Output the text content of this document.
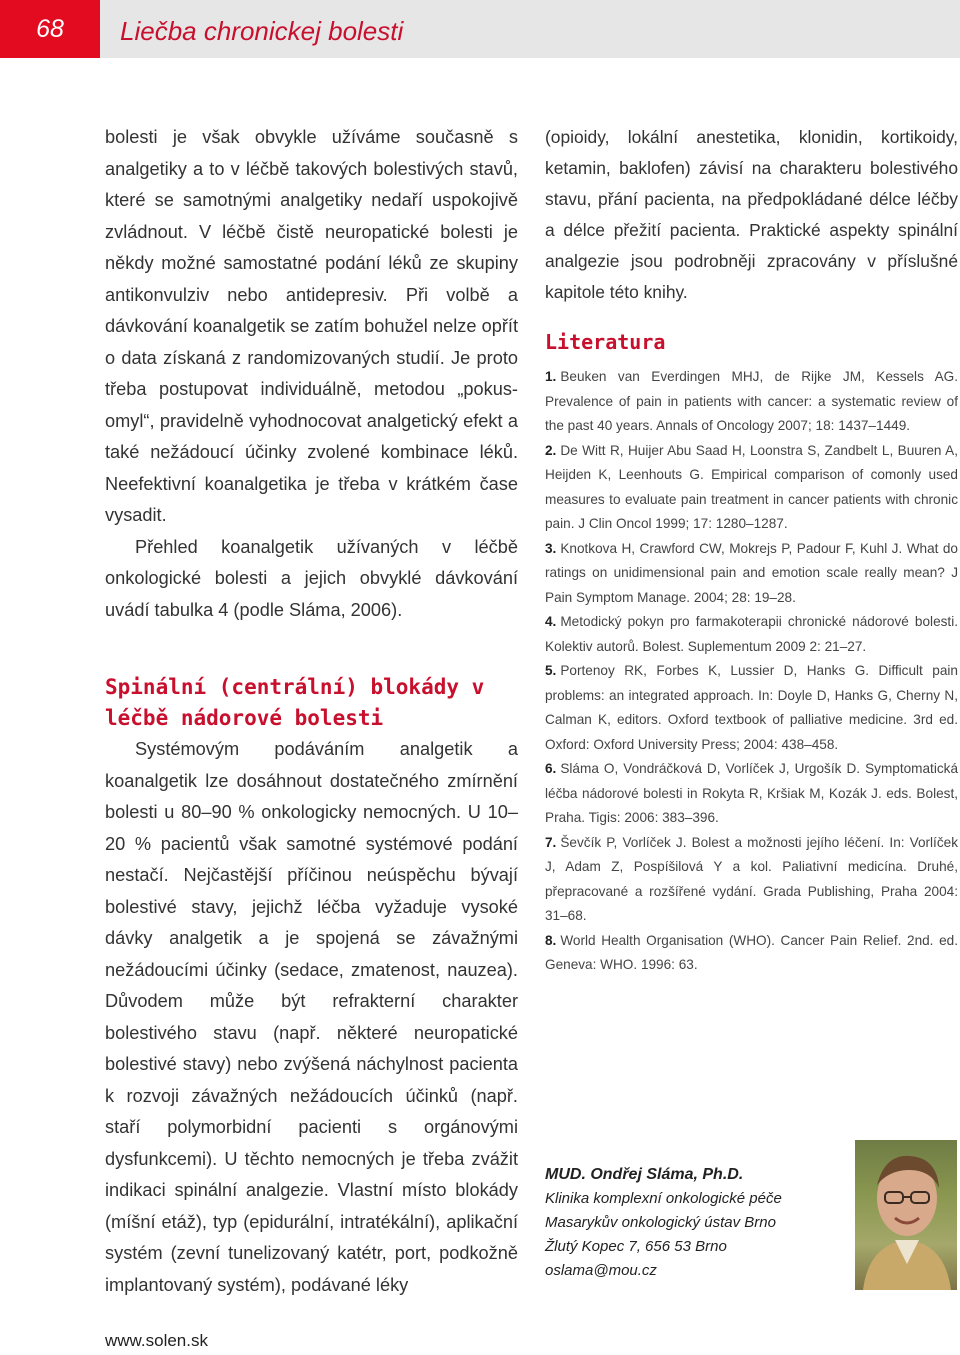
68	Liečba chronickej bolesti

bolesti je však obvykle užíváme současně s analgetiky a to v léčbě takových bolestivých stavů, které se samotnými analgetiky nedaří uspokojivě zvládnout. V léčbě čistě neuropatické bolesti je někdy možné samostatné podání léků ze skupiny antikonvulziv nebo antidepresiv. Při volbě a dávkování koanalgetik se zatím bohužel nelze opřít o data získaná z randomizovaných studií. Je proto třeba postupovat individuálně, metodou „pokus-omyl“, pravidelně vyhodnocovat analgetický efekt a také nežádoucí účinky zvolené kombinace léků. Neefektivní koanalgetika je třeba v krátkém čase vysadit.

Přehled koanalgetik užívaných v léčbě onkologické bolesti a jejich obvyklé dávkování uvádí tabulka 4 (podle Sláma, 2006).

Spinální (centrální) blokády v léčbě nádorové bolesti

Systémovým podáváním analgetik a koanalgetik lze dosáhnout dostatečného zmírnění bolesti u 80–90 % onkologicky nemocných. U 10–20 % pacientů však samotné systémové podání nestačí. Nejčastější příčinou neúspěchu bývají bolestivé stavy, jejichž léčba vyžaduje vysoké dávky analgetik a je spojená se závažnými nežádoucími účinky (sedace, zmatenost, nauzea). Důvodem může být refrakterní charakter bolestivého stavu (např. některé neuropatické bolestivé stavy) nebo zvýšená náchylnost pacienta k rozvoji závažných nežádoucích účinků (např. staří polymorbidní pacienti s orgánovými dysfunkcemi). U těchto nemocných je třeba zvážit indikaci spinální analgezie. Vlastní místo blokády (míšní etáž), typ (epidurální, intratékální), aplikační systém (zevní tunelizovaný katétr, port, podkožně implantovaný systém), podávané léky

(opioidy, lokální anestetika, klonidin, kortikoidy, ketamin, baklofen) závisí na charakteru bolestivého stavu, přání pacienta, na předpokládané délce léčby a délce přežití pacienta. Praktické aspekty spinální analgezie jsou podrobněji zpracovány v příslušné kapitole této knihy.

Literatura
1. Beuken van Everdingen MHJ, de Rijke JM, Kessels AG. Prevalence of pain in patients with cancer: a systematic review of the past 40 years. Annals of Oncology 2007; 18: 1437–1449.
2. De Witt R, Huijer Abu Saad H, Loonstra S, Zandbelt L, Buuren A, Heijden K, Leenhouts G. Empirical comparison of comonly used measures to evaluate pain treatment in cancer patients with chronic pain. J Clin Oncol 1999; 17: 1280–1287.
3. Knotkova H, Crawford CW, Mokrejs P, Padour F, Kuhl J. What do ratings on unidimensional pain and emotion scale really mean? J Pain Symptom Manage. 2004; 28: 19–28.
4. Metodický pokyn pro farmakoterapii chronické nádorové bolesti. Kolektiv autorů. Bolest. Suplementum 2009 2: 21–27.
5. Portenoy RK, Forbes K, Lussier D, Hanks G. Difficult pain problems: an integrated approach. In: Doyle D, Hanks G, Cherny N, Calman K, editors. Oxford textbook of palliative medicine. 3rd ed. Oxford: Oxford University Press; 2004: 438–458.
6. Sláma O, Vondráčková D, Vorlíček J, Urgošík D. Symptomatická léčba nádorové bolesti in Rokyta R, Kršiak M, Kozák J. eds. Bolest, Praha. Tigis: 2006: 383–396.
7. Ševčík P, Vorlíček J. Bolest a možnosti jejího léčení. In: Vorlíček J, Adam Z, Pospíšilová Y a kol. Paliativní medicína. Druhé, přepracované a rozšířené vydání. Grada Publishing, Praha 2004: 31–68.
8. World Health Organisation (WHO). Cancer Pain Relief. 2nd. ed. Geneva: WHO. 1996: 63.
MUD. Ondřej Sláma, Ph.D.
Klinika komplexní onkologické péče
Masarykův onkologický ústav Brno
Žlutý Kopec 7, 656 53 Brno
oslama@mou.cz
www.solen.sk
